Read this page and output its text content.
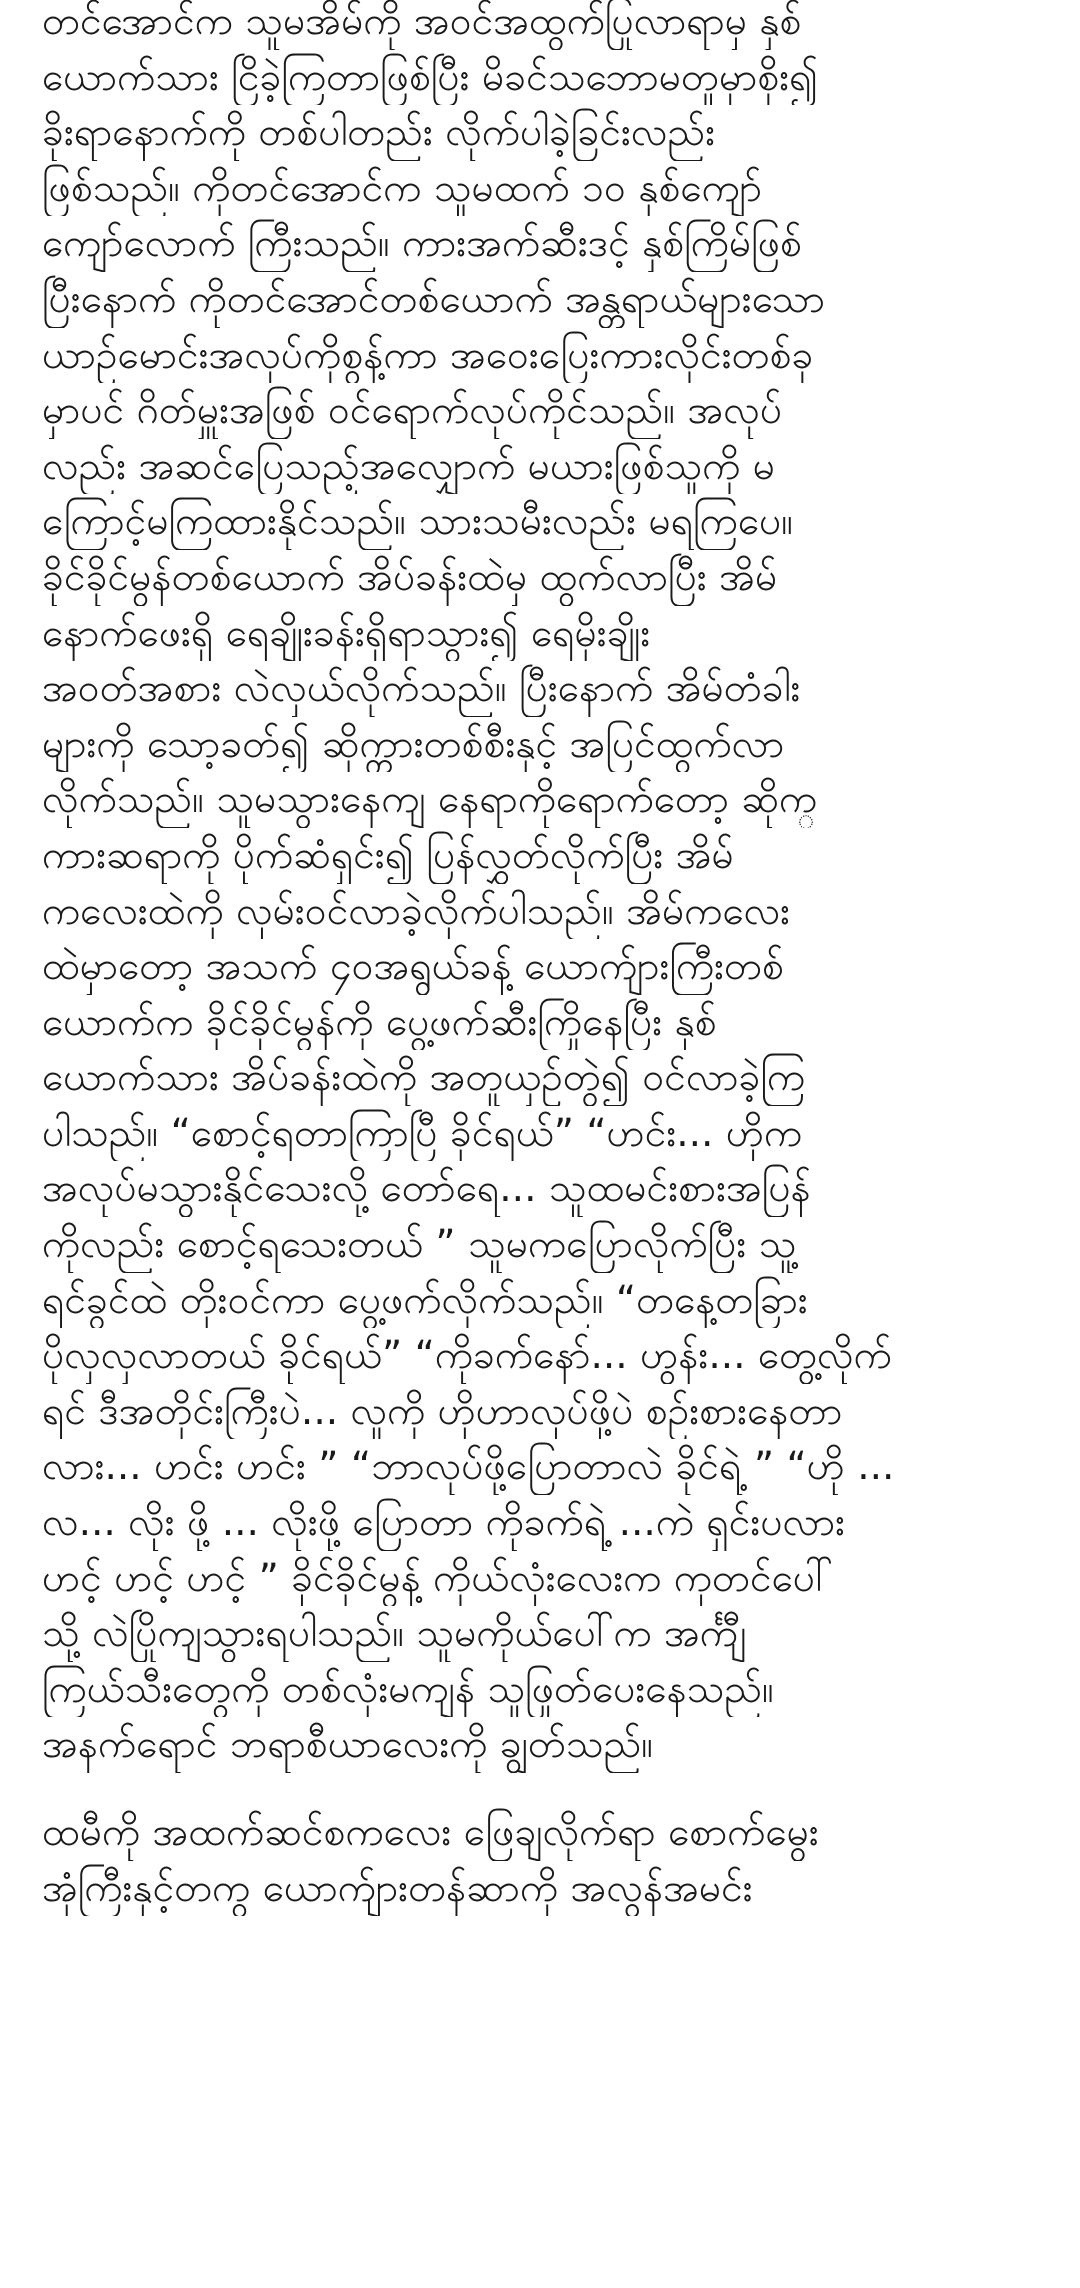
တင်အောင်က သူမအိမ်ကို အဝင်အထွက်ပြုလာရာမှ နှစ်
ယောက်သား ငြိခဲ့ကြတာဖြစ်ပြီး မိခင်သဘောမတူမှာစိုး၍
ခိုးရာနောက်ကို တစ်ပါတည်း လိုက်ပါခဲ့ခြင်းလည်း
ဖြစ်သည်။ ကိုတင်အောင်က သူမထက် ၁၀ နှစ်ကျော်
ကျော်လောက် ကြီးသည်။ ကားအက်ဆီးဒင့် နှစ်ကြိမ်ဖြစ်
ပြီးနောက် ကိုတင်အောင်တစ်ယောက် အန္တရာယ်များသော
ယာဉ်မောင်းအလုပ်ကိုစွန့်ကာ အဝေးပြေးကားလိုင်းတစ်ခု
မှာပင် ဂိတ်မှူးအဖြစ် ဝင်ရောက်လုပ်ကိုင်သည်။ အလုပ်
လည်း အဆင်ပြေသည့်အလျှောက် မယားဖြစ်သူကို မ
ကြောင့်မကြထားနိုင်သည်။ သားသမီးလည်း မရကြပေ။
ခိုင်ခိုင်မွန်တစ်ယောက် အိပ်ခန်းထဲမှ ထွက်လာပြီး အိမ်
နောက်ဖေးရှိ ရေချိုးခန်းရှိရာသွား၍ ရေမိုးချိုး
အဝတ်အစား လဲလှယ်လိုက်သည်။ ပြီးနောက် အိမ်တံခါး
များကို သော့ခတ်၍ ဆိုက္ကားတစ်စီးနှင့် အပြင်ထွက်လာ
လိုက်သည်။ သူမသွားနေကျ နေရာကိုရောက်တော့ ဆိုက္
ကားဆရာကို ပိုက်ဆံရှင်း၍ ပြန်လွှတ်လိုက်ပြီး အိမ်
ကလေးထဲကို လှမ်းဝင်လာခဲ့လိုက်ပါသည်။ အိမ်ကလေး
ထဲမှာတော့ အသက် ၄၀အရွယ်ခန့် ယောက်ျားကြီးတစ်
ယောက်က ခိုင်ခိုင်မွန်ကို ပွေ့ဖက်ဆီးကြိုနေပြီး နှစ်
ယောက်သား အိပ်ခန်းထဲကို အတူယှဉ်တွဲ၍ ဝင်လာခဲ့ကြ
ပါသည်။ “စောင့်ရတာကြာပြီ ခိုင်ရယ်” “ဟင်း... ဟိုက
အလုပ်မသွားနိုင်သေးလို့ တော်ရေ... သူထမင်းစားအပြန်
ကိုလည်း စောင့်ရသေးတယ် ” သူမကပြောလိုက်ပြီး သူ့
ရင်ခွင်ထဲ တိုးဝင်ကာ ပွေ့ဖက်လိုက်သည်။ “တနေ့တခြား
ပိုလှလှလာတယ် ခိုင်ရယ်” “ကိုခက်နော်... ဟွန်း... တွေ့လိုက်
ရင် ဒီအတိုင်းကြီးပဲ... လူကို ဟိုဟာလုပ်ဖို့ပဲ စဉ်းစားနေတာ
လား... ဟင်း ဟင်း ” “ဘာလုပ်ဖို့ပြောတာလဲ ခိုင်ရဲ့ ” “ဟို ...
လ... လိုး ဖို့ ... လိုးဖို့ ပြောတာ ကိုခက်ရဲ့ ...ကဲ ရှင်းပလား
ဟင့် ဟင့် ဟင့် ” ခိုင်ခိုင်မွန့် ကိုယ်လုံးလေးက ကုတင်ပေါ်
သို့ လဲပြိုကျသွားရပါသည်။ သူမကိုယ်ပေါ်က အင်္ကျီ
ကြယ်သီးတွေကို တစ်လုံးမကျန် သူဖြုတ်ပေးနေသည်။
အနက်ရောင် ဘရာစီယာလေးကို ချွတ်သည်။

ထမီကို အထက်ဆင်စကလေး ဖြေချလိုက်ရာ စောက်မွေး
အုံကြီးနှင့်တကွ ယောက်ျားတန်ဆာကို အလွန်အမင်း
